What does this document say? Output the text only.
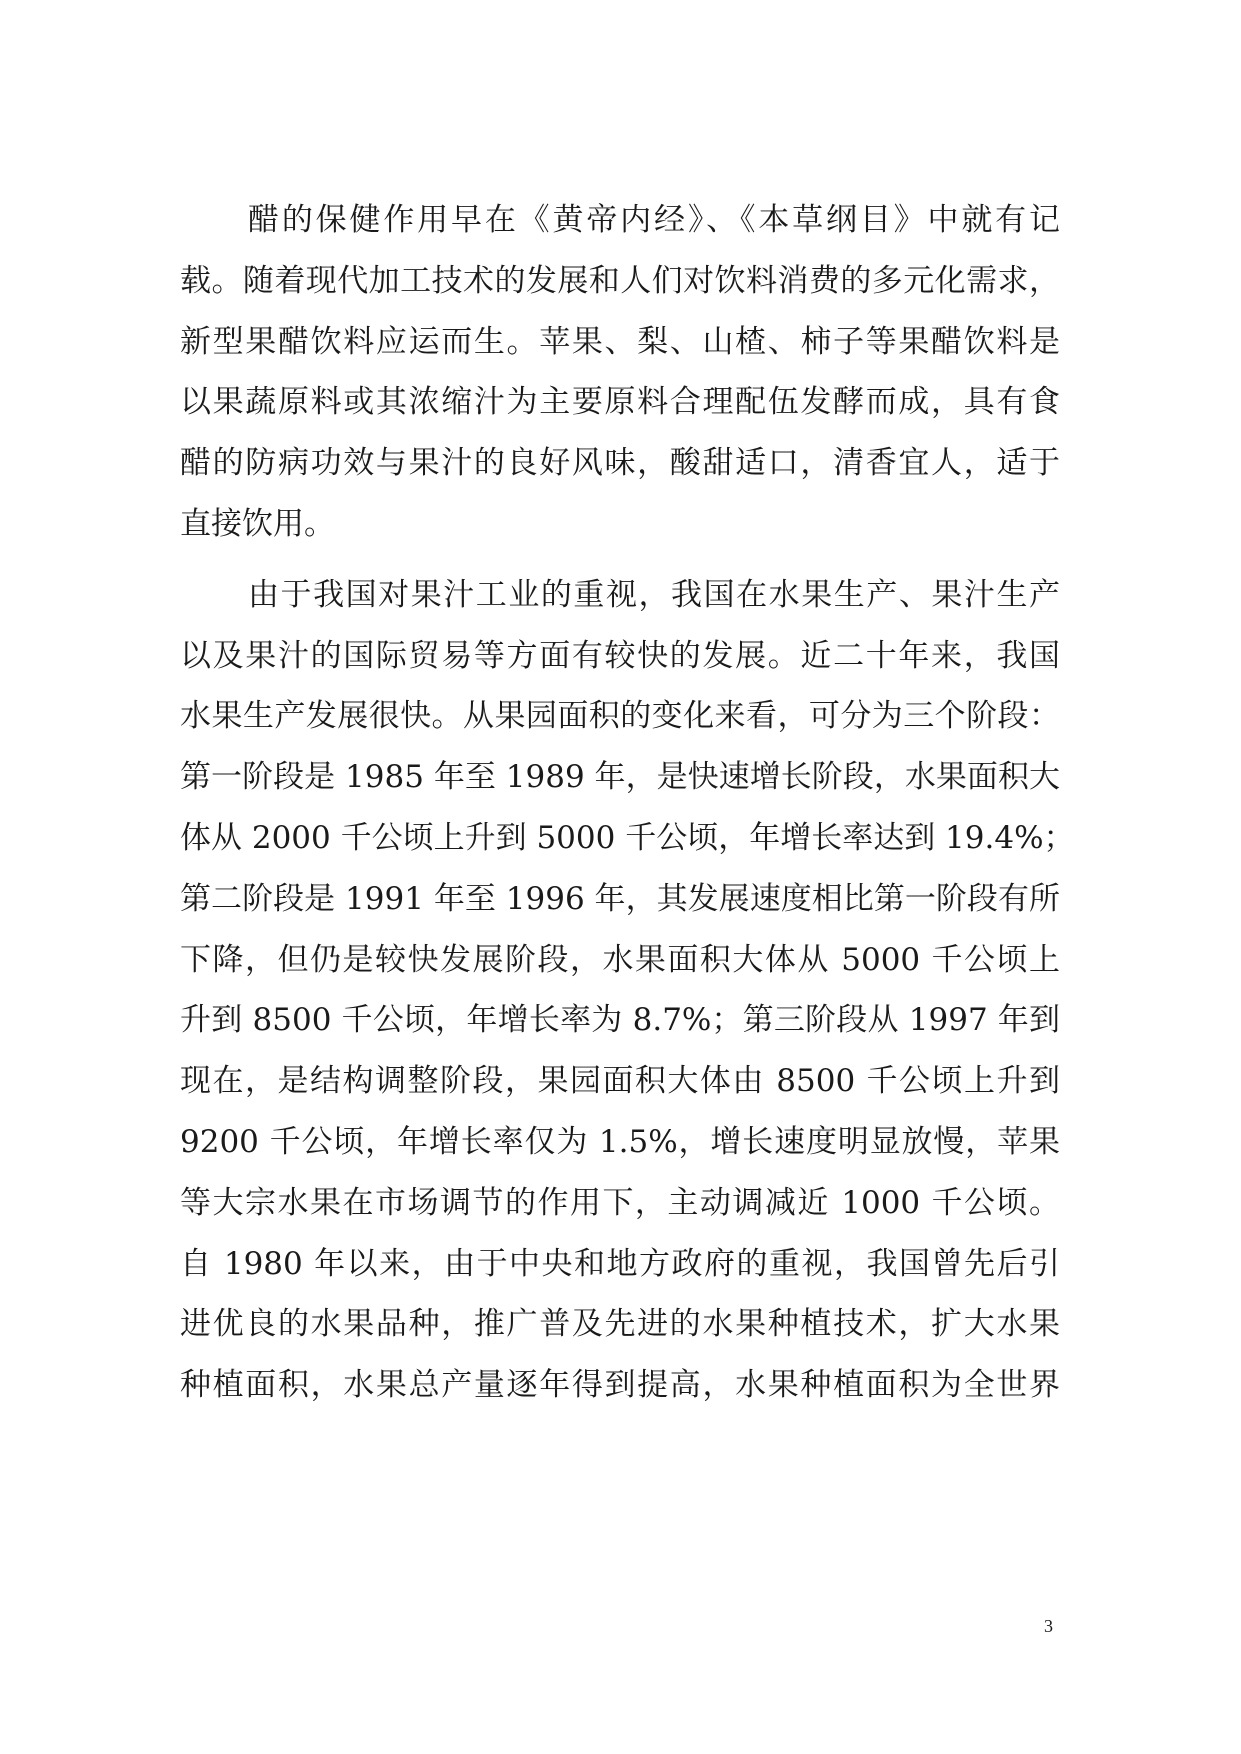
醋的保健作用早在《黄帝内经》、《本草纲目》中就有记
载。随着现代加工技术的发展和人们对饮料消费的多元化需求，
新型果醋饮料应运而生。苹果、梨、山楂、柿子等果醋饮料是
以果蔬原料或其浓缩汁为主要原料合理配伍发酵而成，具有食
醋的防病功效与果汁的良好风味，酸甜适口，清香宜人，适于
直接饮用。
由于我国对果汁工业的重视，我国在水果生产、果汁生产
以及果汁的国际贸易等方面有较快的发展。近二十年来，我国
水果生产发展很快。从果园面积的变化来看，可分为三个阶段：
第一阶段是 1985 年至 1989 年，是快速增长阶段，水果面积大
体从 2000 千公顷上升到 5000 千公顷，年增长率达到 19.4%；
第二阶段是 1991 年至 1996 年，其发展速度相比第一阶段有所
下降，但仍是较快发展阶段，水果面积大体从 5000 千公顷上
升到 8500 千公顷，年增长率为 8.7%；第三阶段从 1997 年到
现在，是结构调整阶段，果园面积大体由 8500 千公顷上升到
9200 千公顷，年增长率仅为 1.5%，增长速度明显放慢，苹果
等大宗水果在市场调节的作用下，主动调减近 1000 千公顷。
自 1980 年以来，由于中央和地方政府的重视，我国曾先后引
进优良的水果品种，推广普及先进的水果种植技术，扩大水果
种植面积，水果总产量逐年得到提高，水果种植面积为全世界
3
